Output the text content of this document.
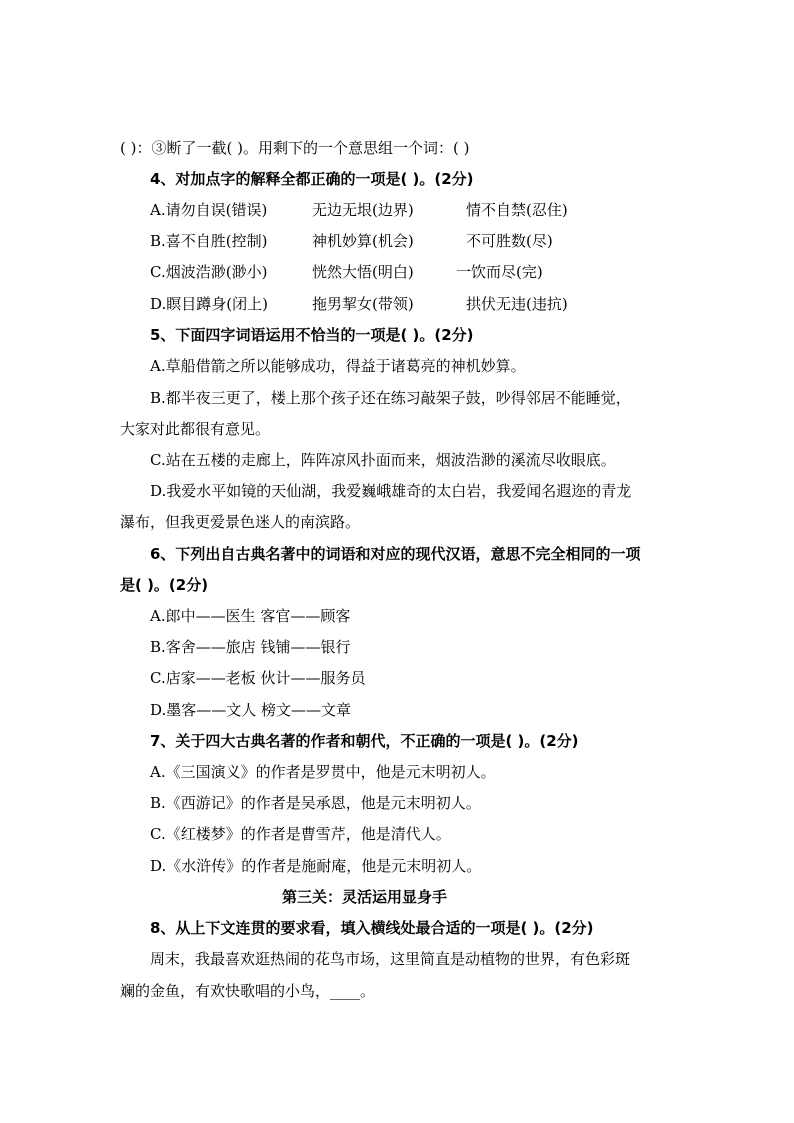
( )：③断了一截( )。用剩下的一个意思组一个词：( )
4、对加点字的解释全都正确的一项是( )。(2分)
A.请勿自误(错误)	无边无垠(边界)	情不自禁(忍住)
B.喜不自胜(控制)	神机妙算(机会)	不可胜数(尽)
C.烟波浩渺(渺小)	恍然大悟(明白)	一饮而尽(完)
D.瞑目蹲身(闭上)	拖男挈女(带领)	拱伏无违(违抗)
5、下面四字词语运用不恰当的一项是( )。(2分)
A.草船借箭之所以能够成功，得益于诸葛亮的神机妙算。
B.都半夜三更了，楼上那个孩子还在练习敲架子鼓，吵得邻居不能睡觉，
大家对此都很有意见。
C.站在五楼的走廊上，阵阵凉风扑面而来，烟波浩渺的溪流尽收眼底。
D.我爱水平如镜的天仙湖，我爱巍峨雄奇的太白岩，我爱闻名遐迩的青龙
瀑布，但我更爱景色迷人的南滨路。
6、下列出自古典名著中的词语和对应的现代汉语，意思不完全相同的一项
是( )。(2分)
A.郎中——医生 客官——顾客
B.客舍——旅店 钱铺——银行
C.店家——老板 伙计——服务员
D.墨客——文人 榜文——文章
7、关于四大古典名著的作者和朝代，不正确的一项是( )。(2分)
A.《三国演义》的作者是罗贯中，他是元末明初人。
B.《西游记》的作者是吴承恩，他是元末明初人。
C.《红楼梦》的作者是曹雪芹，他是清代人。
D.《水浒传》的作者是施耐庵，他是元末明初人。
第三关：灵活运用显身手
8、从上下文连贯的要求看，填入横线处最合适的一项是( )。(2分)
周末，我最喜欢逛热闹的花鸟市场，这里简直是动植物的世界，有色彩斑
斓的金鱼，有欢快歌唱的小鸟，____。
